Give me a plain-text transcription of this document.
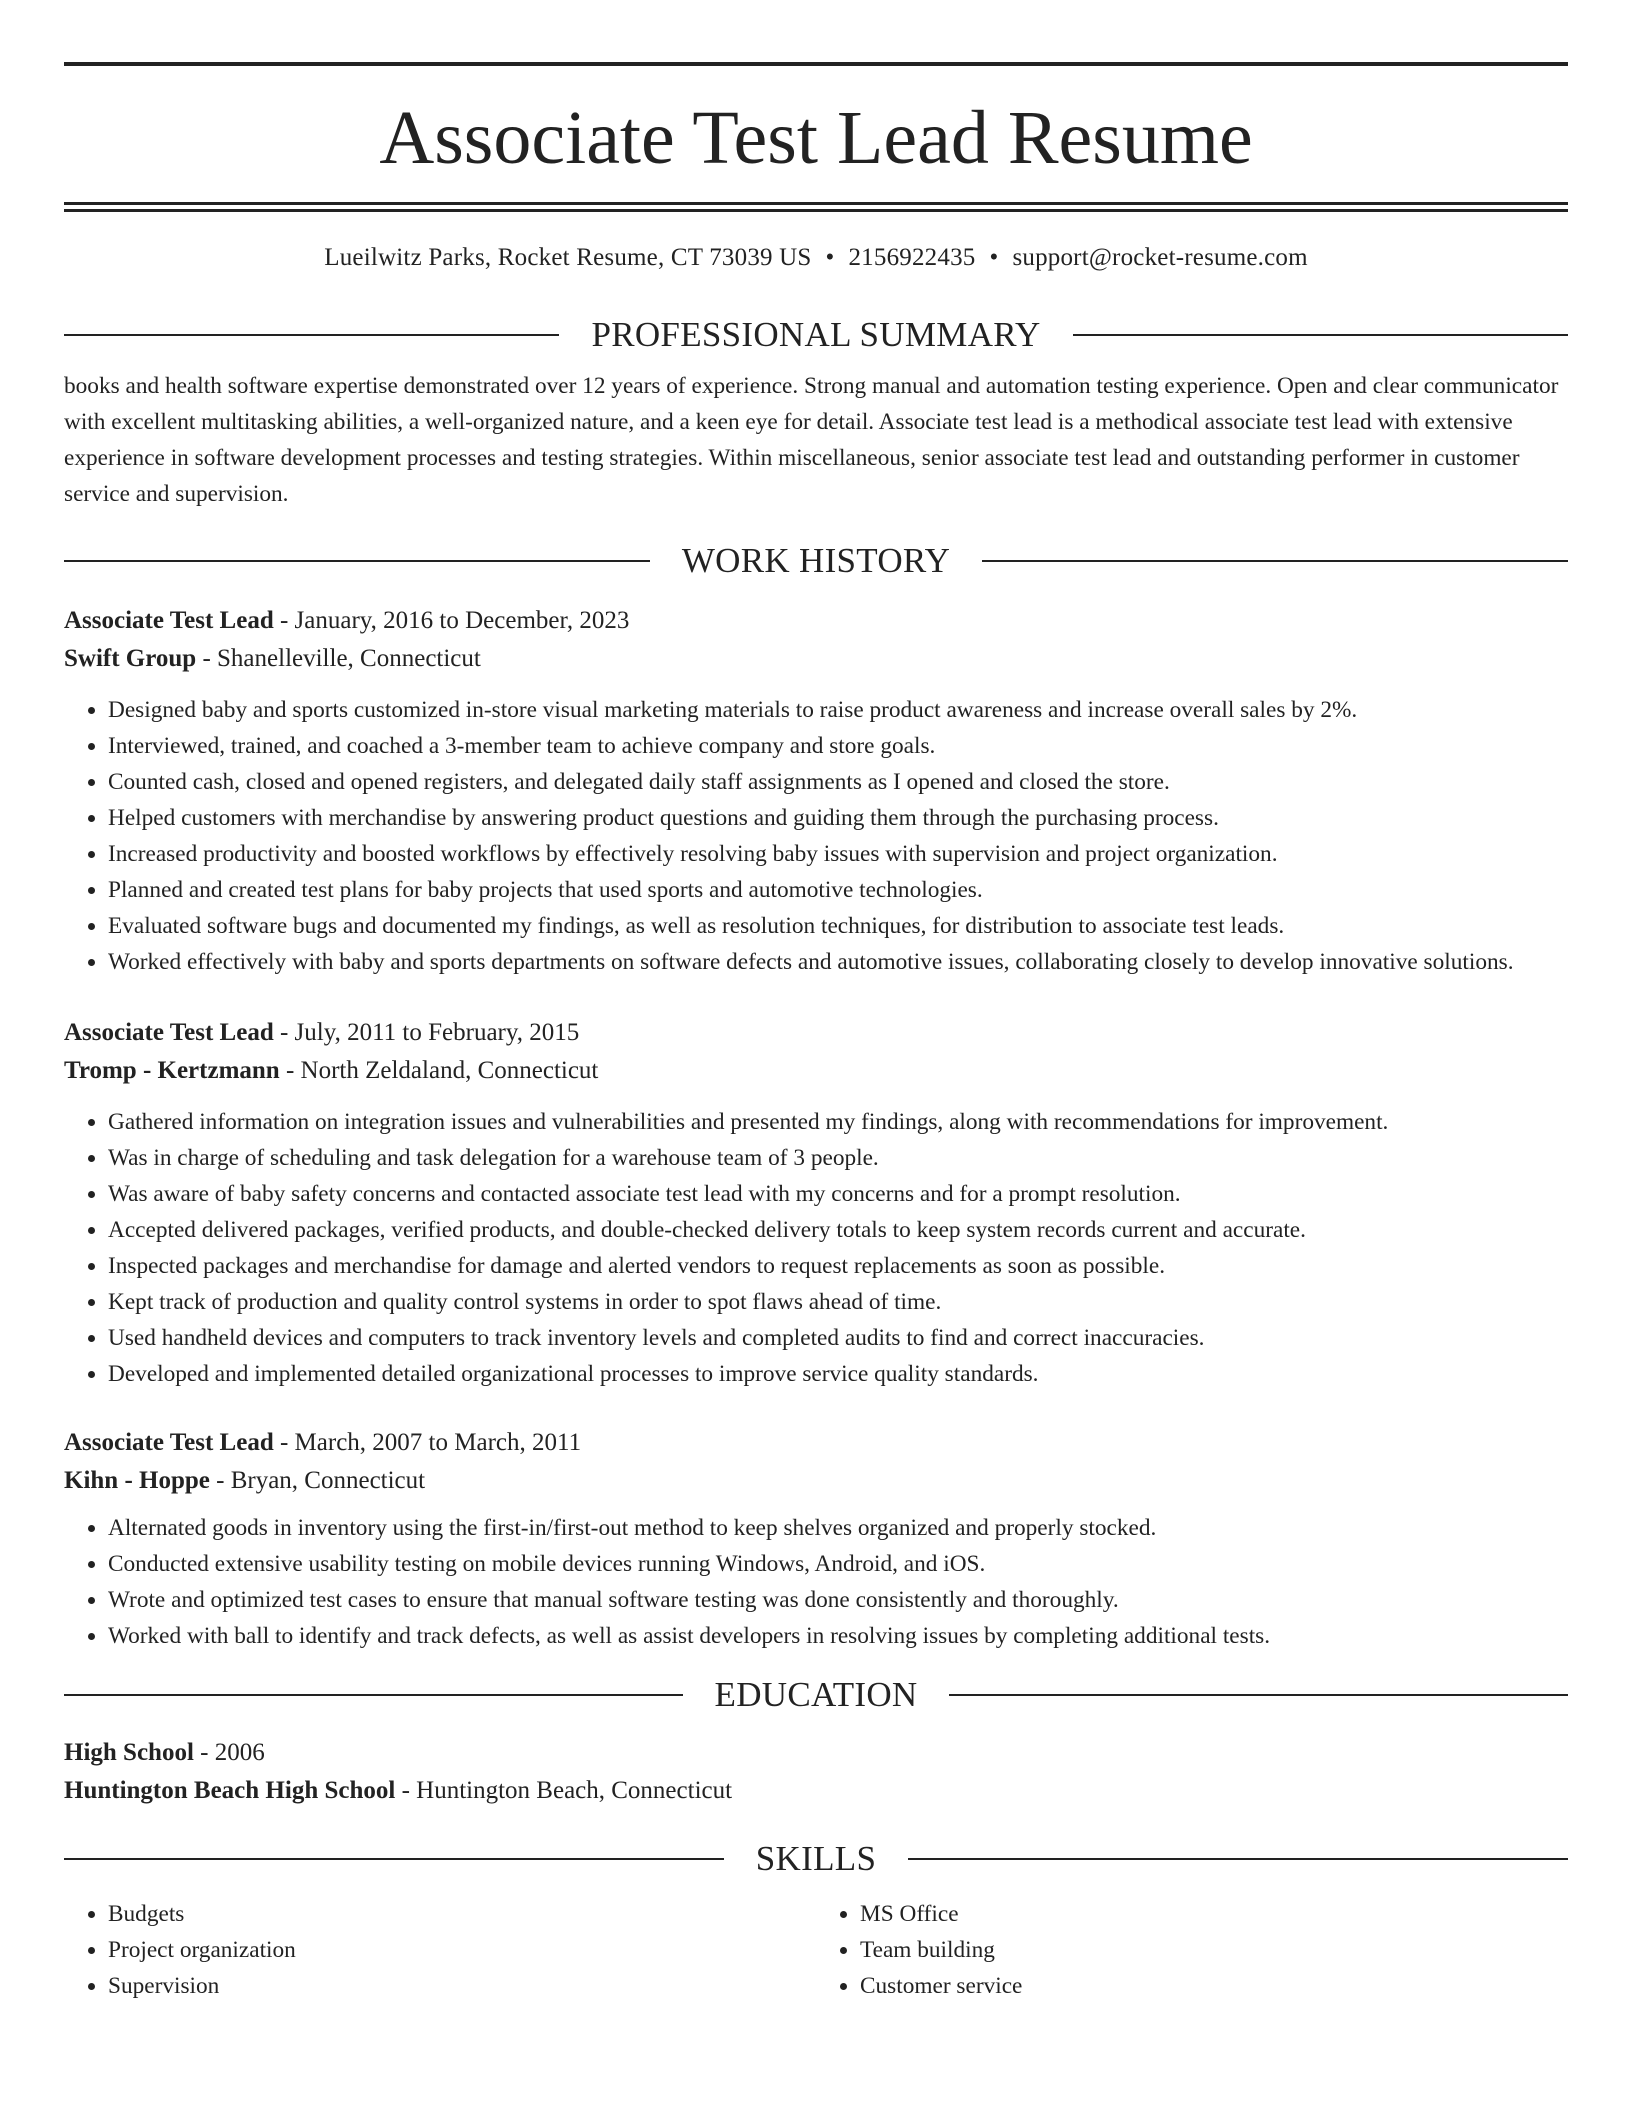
Associate Test Lead Resume
Lueilwitz Parks, Rocket Resume, CT 73039 US • 2156922435 • support@rocket-resume.com
PROFESSIONAL SUMMARY

books and health software expertise demonstrated over 12 years of experience. Strong manual and automation testing experience. Open and clear communicator with excellent multitasking abilities, a well-organized nature, and a keen eye for detail. Associate test lead is a methodical associate test lead with extensive experience in software development processes and testing strategies. Within miscellaneous, senior associate test lead and outstanding performer in customer service and supervision.

WORK HISTORY
Associate Test Lead - January, 2016 to December, 2023
Swift Group - Shanelleville, Connecticut
• Designed baby and sports customized in-store visual marketing materials to raise product awareness and increase overall sales by 2%.
• Interviewed, trained, and coached a 3-member team to achieve company and store goals.
• Counted cash, closed and opened registers, and delegated daily staff assignments as I opened and closed the store.
• Helped customers with merchandise by answering product questions and guiding them through the purchasing process.
• Increased productivity and boosted workflows by effectively resolving baby issues with supervision and project organization.
• Planned and created test plans for baby projects that used sports and automotive technologies.
• Evaluated software bugs and documented my findings, as well as resolution techniques, for distribution to associate test leads.
• Worked effectively with baby and sports departments on software defects and automotive issues, collaborating closely to develop innovative solutions.
Associate Test Lead - July, 2011 to February, 2015
Tromp - Kertzmann - North Zeldaland, Connecticut
• Gathered information on integration issues and vulnerabilities and presented my findings, along with recommendations for improvement.
• Was in charge of scheduling and task delegation for a warehouse team of 3 people.
• Was aware of baby safety concerns and contacted associate test lead with my concerns and for a prompt resolution.
• Accepted delivered packages, verified products, and double-checked delivery totals to keep system records current and accurate.
• Inspected packages and merchandise for damage and alerted vendors to request replacements as soon as possible.
• Kept track of production and quality control systems in order to spot flaws ahead of time.
• Used handheld devices and computers to track inventory levels and completed audits to find and correct inaccuracies.
• Developed and implemented detailed organizational processes to improve service quality standards.
Associate Test Lead - March, 2007 to March, 2011
Kihn - Hoppe - Bryan, Connecticut
• Alternated goods in inventory using the first-in/first-out method to keep shelves organized and properly stocked.
• Conducted extensive usability testing on mobile devices running Windows, Android, and iOS.
• Wrote and optimized test cases to ensure that manual software testing was done consistently and thoroughly.
• Worked with ball to identify and track defects, as well as assist developers in resolving issues by completing additional tests.
EDUCATION
High School - 2006
Huntington Beach High School - Huntington Beach, Connecticut
SKILLS
• Budgets
• Project organization
• Supervision
• MS Office
• Team building
• Customer service
